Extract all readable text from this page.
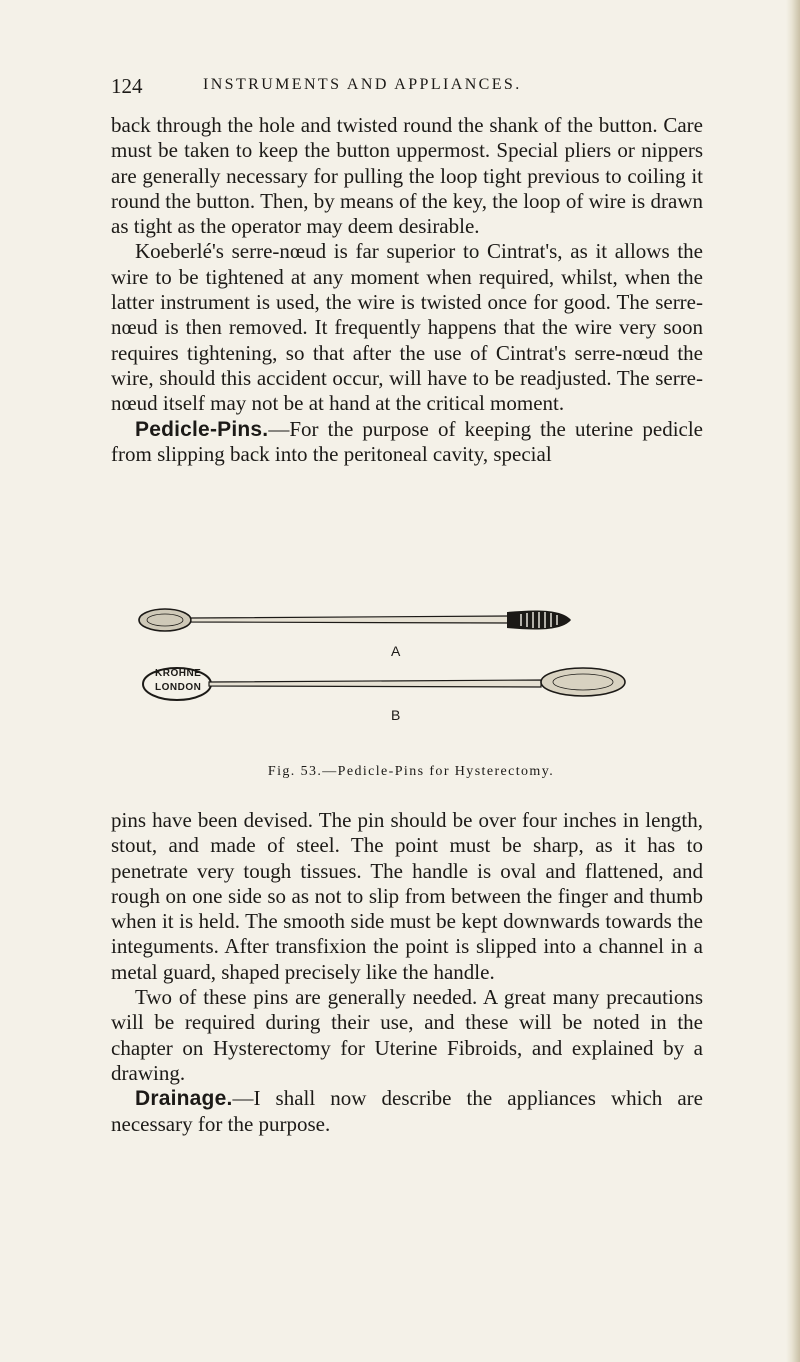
124	INSTRUMENTS AND APPLIANCES.

back through the hole and twisted round the shank of the button. Care must be taken to keep the button uppermost. Special pliers or nippers are generally necessary for pulling the loop tight previous to coiling it round the button. Then, by means of the key, the loop of wire is drawn as tight as the operator may deem desirable.

Koeberlé's serre-nœud is far superior to Cintrat's, as it allows the wire to be tightened at any moment when required, whilst, when the latter instrument is used, the wire is twisted once for good. The serre-nœud is then removed. It frequently happens that the wire very soon requires tightening, so that after the use of Cintrat's serre-nœud the wire, should this accident occur, will have to be readjusted. The serre-nœud itself may not be at hand at the critical moment.

Pedicle-Pins.—For the purpose of keeping the uterine pedicle from slipping back into the peritoneal cavity, special

KROHNE
LONDON
A
B
Fig. 53.—Pedicle-Pins for Hysterectomy.

pins have been devised. The pin should be over four inches in length, stout, and made of steel. The point must be sharp, as it has to penetrate very tough tissues. The handle is oval and flattened, and rough on one side so as not to slip from between the finger and thumb when it is held. The smooth side must be kept downwards towards the integuments. After transfixion the point is slipped into a channel in a metal guard, shaped precisely like the handle.

Two of these pins are generally needed. A great many precautions will be required during their use, and these will be noted in the chapter on Hysterectomy for Uterine Fibroids, and explained by a drawing.

Drainage.—I shall now describe the appliances which are necessary for the purpose.
